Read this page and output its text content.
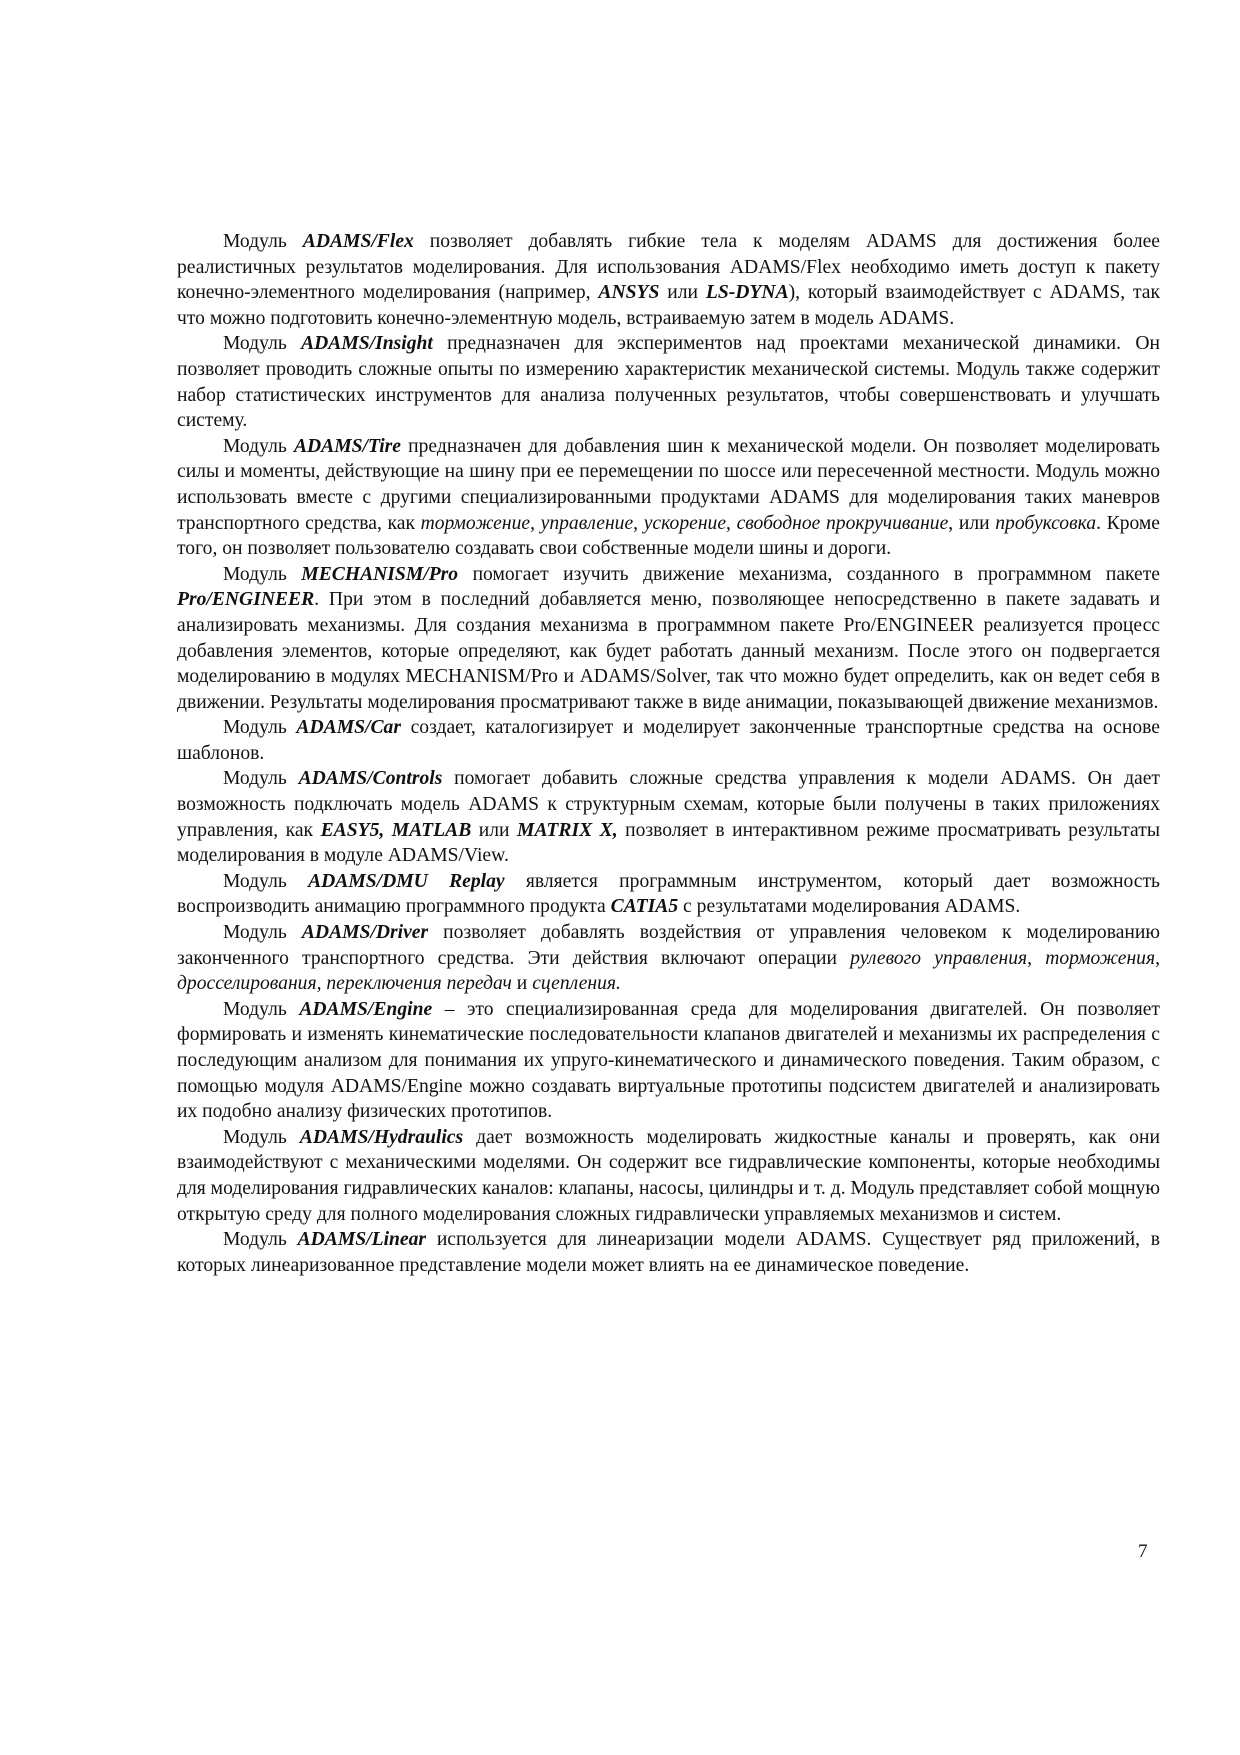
Модуль ADAMS/Flex позволяет добавлять гибкие тела к моделям ADAMS для достижения более реалистичных результатов моделирования. Для использования ADAMS/Flex необходимо иметь доступ к пакету конечно-элементного моделирования (например, ANSYS или LS-DYNA), который взаимодействует с ADAMS, так что можно подготовить конечно-элементную модель, встраиваемую затем в модель ADAMS.

Модуль ADAMS/Insight предназначен для экспериментов над проектами механической динамики. Он позволяет проводить сложные опыты по измерению характеристик механической системы. Модуль также содержит набор статистических инструментов для анализа полученных результатов, чтобы совершенствовать и улучшать систему.

Модуль ADAMS/Tire предназначен для добавления шин к механической модели. Он позволяет моделировать силы и моменты, действующие на шину при ее перемещении по шоссе или пересеченной местности. Модуль можно использовать вместе с другими специализированными продуктами ADAMS для моделирования таких маневров транспортного средства, как торможение, управление, ускорение, свободное прокручивание, или пробуксовка. Кроме того, он позволяет пользователю создавать свои собственные модели шины и дороги.

Модуль MECHANISM/Pro помогает изучить движение механизма, созданного в программном пакете Pro/ENGINEER. При этом в последний добавляется меню, позволяющее непосредственно в пакете задавать и анализировать механизмы. Для создания механизма в программном пакете Pro/ENGINEER реализуется процесс добавления элементов, которые определяют, как будет работать данный механизм. После этого он подвергается моделированию в модулях MECHANISM/Pro и ADAMS/Solver, так что можно будет определить, как он ведет себя в движении. Результаты моделирования просматривают также в виде анимации, показывающей движение механизмов.

Модуль ADAMS/Car создает, каталогизирует и моделирует законченные транспортные средства на основе шаблонов.

Модуль ADAMS/Controls помогает добавить сложные средства управления к модели ADAMS. Он дает возможность подключать модель ADAMS к структурным схемам, которые были получены в таких приложениях управления, как EASY5, MATLAB или MATRIX X, позволяет в интерактивном режиме просматривать результаты моделирования в модуле ADAMS/View.

Модуль ADAMS/DMU Replay является программным инструментом, который дает возможность воспроизводить анимацию программного продукта CATIA5 с результатами моделирования ADAMS.

Модуль ADAMS/Driver позволяет добавлять воздействия от управления человеком к моделированию законченного транспортного средства. Эти действия включают операции рулевого управления, торможения, дросселирования, переключения передач и сцепления.

Модуль ADAMS/Engine – это специализированная среда для моделирования двигателей. Он позволяет формировать и изменять кинематические последовательности клапанов двигателей и механизмы их распределения с последующим анализом для понимания их упруго-кинематического и динамического поведения. Таким образом, с помощью модуля ADAMS/Engine можно создавать виртуальные прототипы подсистем двигателей и анализировать их подобно анализу физических прототипов.

Модуль ADAMS/Hydraulics дает возможность моделировать жидкостные каналы и проверять, как они взаимодействуют с механическими моделями. Он содержит все гидравлические компоненты, которые необходимы для моделирования гидравлических каналов: клапаны, насосы, цилиндры и т. д. Модуль представляет собой мощную открытую среду для полного моделирования сложных гидравлически управляемых механизмов и систем.

Модуль ADAMS/Linear используется для линеаризации модели ADAMS. Существует ряд приложений, в которых линеаризованное представление модели может влиять на ее динамическое поведение.

7
